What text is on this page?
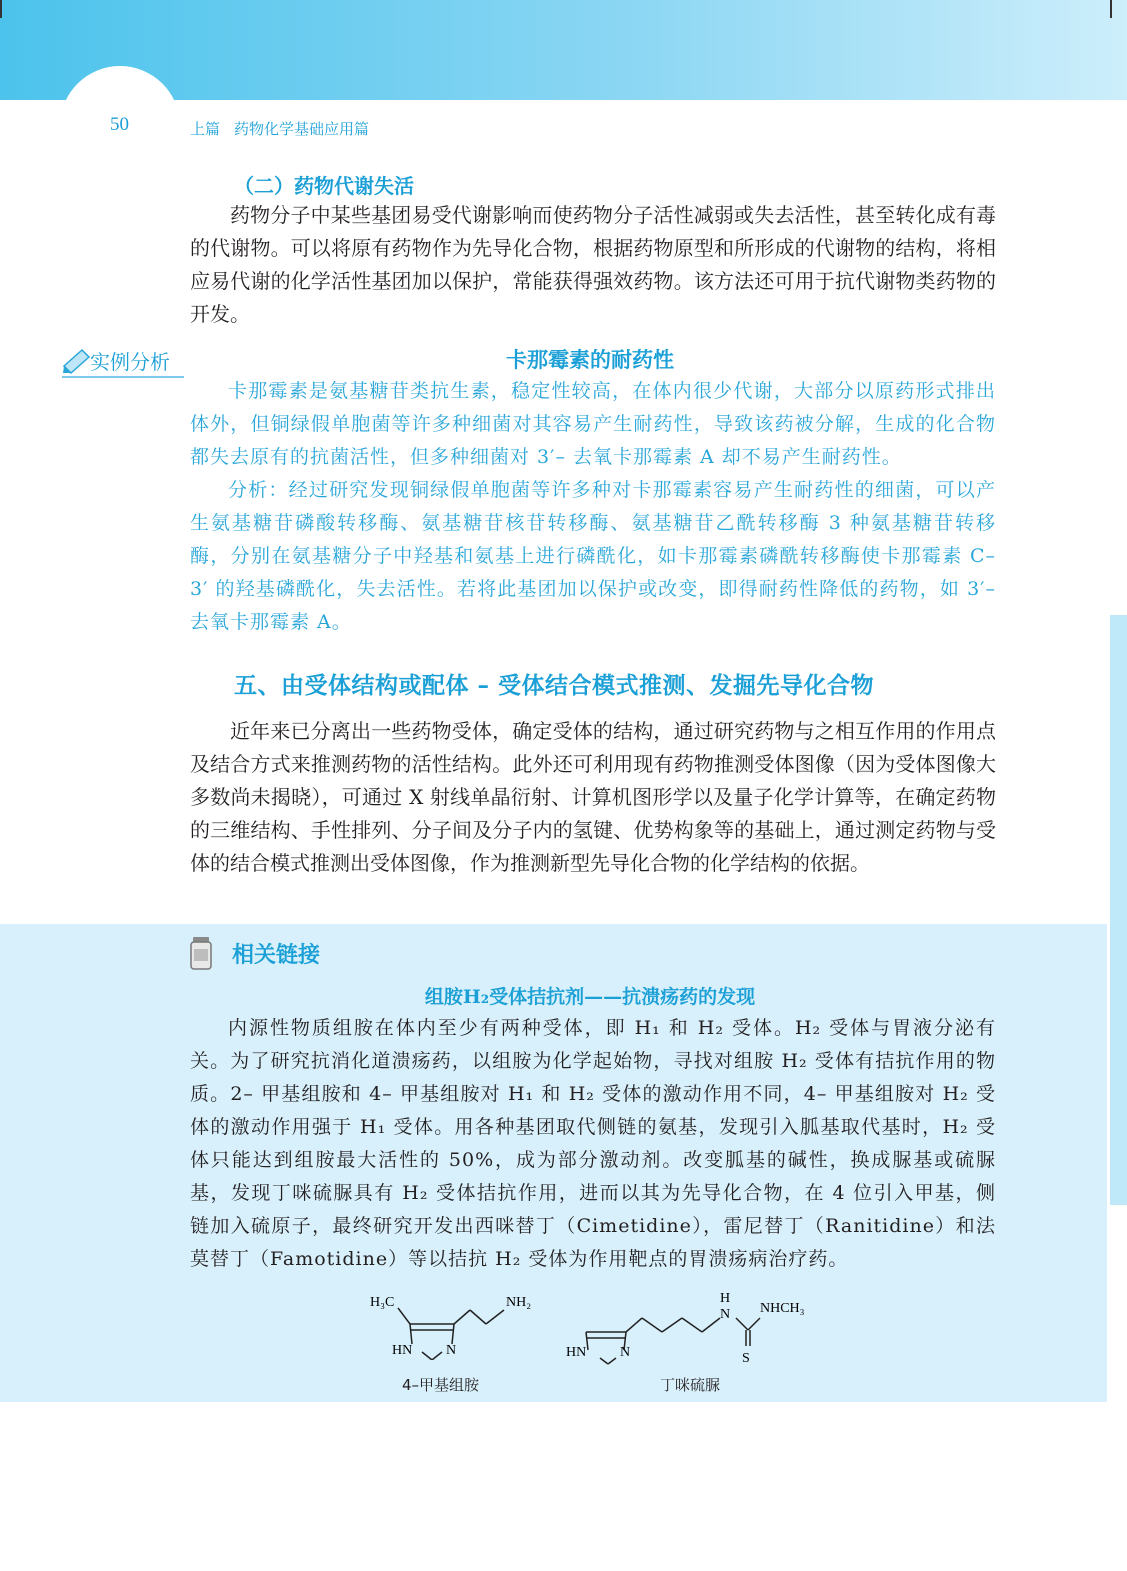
50	上篇 药物化学基础应用篇
（二）药物代谢失活

药物分子中某些基团易受代谢影响而使药物分子活性减弱或失去活性，甚至转化成有毒的代谢物。可以将原有药物作为先导化合物，根据药物原型和所形成的代谢物的结构，将相应易代谢的化学活性基团加以保护，常能获得强效药物。该方法还可用于抗代谢物类药物的开发。

实例分析	卡那霉素的耐药性

卡那霉素是氨基糖苷类抗生素，稳定性较高，在体内很少代谢，大部分以原药形式排出体外，但铜绿假单胞菌等许多种细菌对其容易产生耐药性，导致该药被分解，生成的化合物都失去原有的抗菌活性，但多种细菌对 3′– 去氧卡那霉素 A 却不易产生耐药性。

分析：经过研究发现铜绿假单胞菌等许多种对卡那霉素容易产生耐药性的细菌，可以产生氨基糖苷磷酸转移酶、氨基糖苷核苷转移酶、氨基糖苷乙酰转移酶 3 种氨基糖苷转移酶，分别在氨基糖分子中羟基和氨基上进行磷酰化，如卡那霉素磷酰转移酶使卡那霉素 C–3′ 的羟基磷酰化，失去活性。若将此基团加以保护或改变，即得耐药性降低的药物，如 3′– 去氧卡那霉素 A。

五、由受体结构或配体 – 受体结合模式推测、发掘先导化合物

近年来已分离出一些药物受体，确定受体的结构，通过研究药物与之相互作用的作用点及结合方式来推测药物的活性结构。此外还可利用现有药物推测受体图像（因为受体图像大多数尚未揭晓），可通过 X 射线单晶衍射、计算机图形学以及量子化学计算等，在确定药物的三维结构、手性排列、分子间及分子内的氢键、优势构象等的基础上，通过测定药物与受体的结合模式推测出受体图像，作为推测新型先导化合物的化学结构的依据。

相关链接
组胺H₂受体拮抗剂——抗溃疡药的发现

内源性物质组胺在体内至少有两种受体，即 H₁ 和 H₂ 受体。H₂ 受体与胃液分泌有关。为了研究抗消化道溃疡药，以组胺为化学起始物，寻找对组胺 H₂ 受体有拮抗作用的物质。2– 甲基组胺和 4– 甲基组胺对 H₁ 和 H₂ 受体的激动作用不同，4– 甲基组胺对 H₂ 受体的激动作用强于 H₁ 受体。用各种基团取代侧链的氨基，发现引入胍基取代基时，H₂ 受体只能达到组胺最大活性的 50%，成为部分激动剂。改变胍基的碱性，换成脲基或硫脲基，发现丁咪硫脲具有 H₂ 受体拮抗作用，进而以其为先导化合物，在 4 位引入甲基，侧链加入硫原子，最终研究开发出西咪替丁（Cimetidine），雷尼替丁（Ranitidine）和法莫替丁（Famotidine）等以拮抗 H₂ 受体为作用靶点的胃溃疡病治疗药。

H₃C	NH₂
HN N
4–甲基组胺
H
N NHCH₃
S
HN N
丁咪硫脲
